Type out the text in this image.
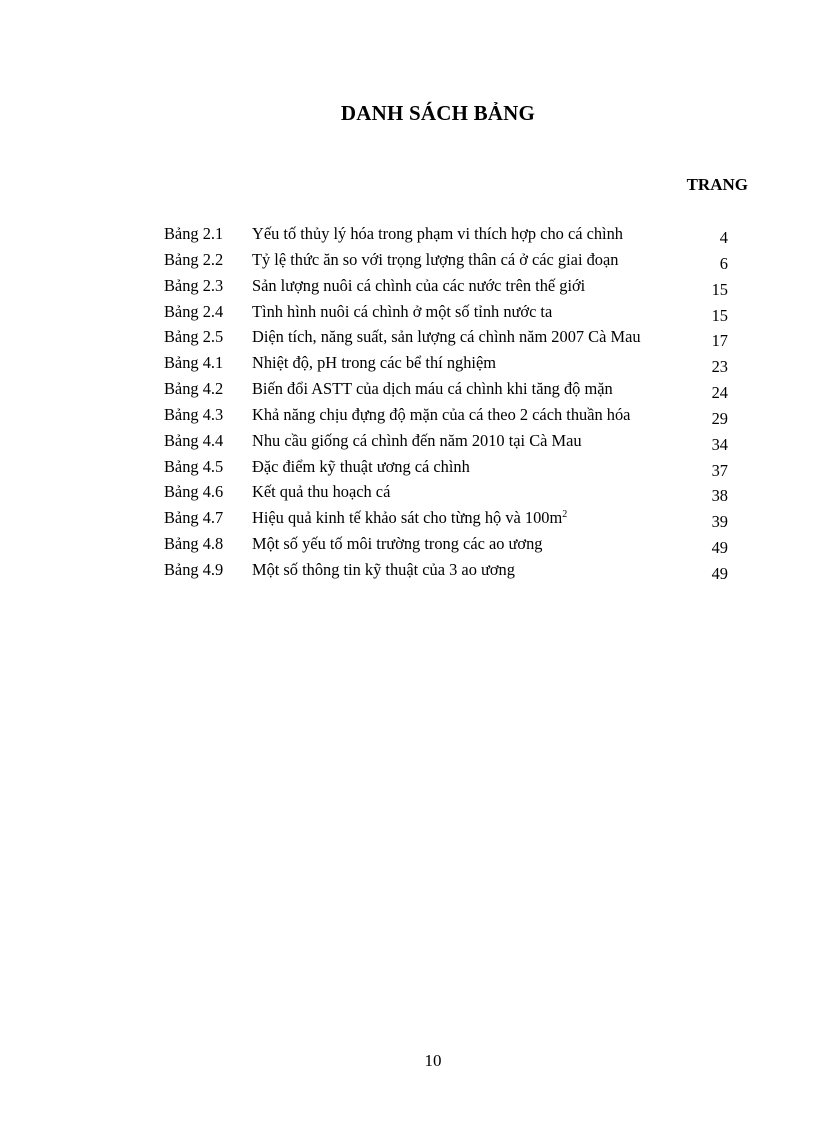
DANH SÁCH BẢNG
TRANG
Bảng 2.1 Yếu tố thủy lý hóa trong phạm vi thích hợp cho cá chình	4
Bảng 2.2 Tỷ lệ thức ăn so với trọng lượng thân cá ở các giai đoạn	6
Bảng 2.3 Sản lượng nuôi cá chình của các nước trên thế giới	15
Bảng 2.4 Tình hình nuôi cá chình ở một số tỉnh nước ta	15
Bảng 2.5 Diện tích, năng suất, sản lượng cá chình năm 2007 Cà Mau	17
Bảng 4.1 Nhiệt độ, pH trong các bể thí nghiệm	23
Bảng 4.2 Biến đổi ASTT của dịch máu cá chình khi tăng độ mặn	24
Bảng 4.3 Khả năng chịu đựng độ mặn của cá theo 2 cách thuần hóa	29
Bảng 4.4 Nhu cầu giống cá chình đến năm 2010 tại Cà Mau	34
Bảng 4.5 Đặc điểm kỹ thuật ương cá chình	37
Bảng 4.6 Kết quả thu hoạch cá	38
Bảng 4.7 Hiệu quả kinh tế khảo sát cho từng hộ và $100m^2$	39
Bảng 4.8 Một số yếu tố môi trường trong các ao ương	49
Bảng 4.9 Một số thông tin kỹ thuật của 3 ao ương	49
10
